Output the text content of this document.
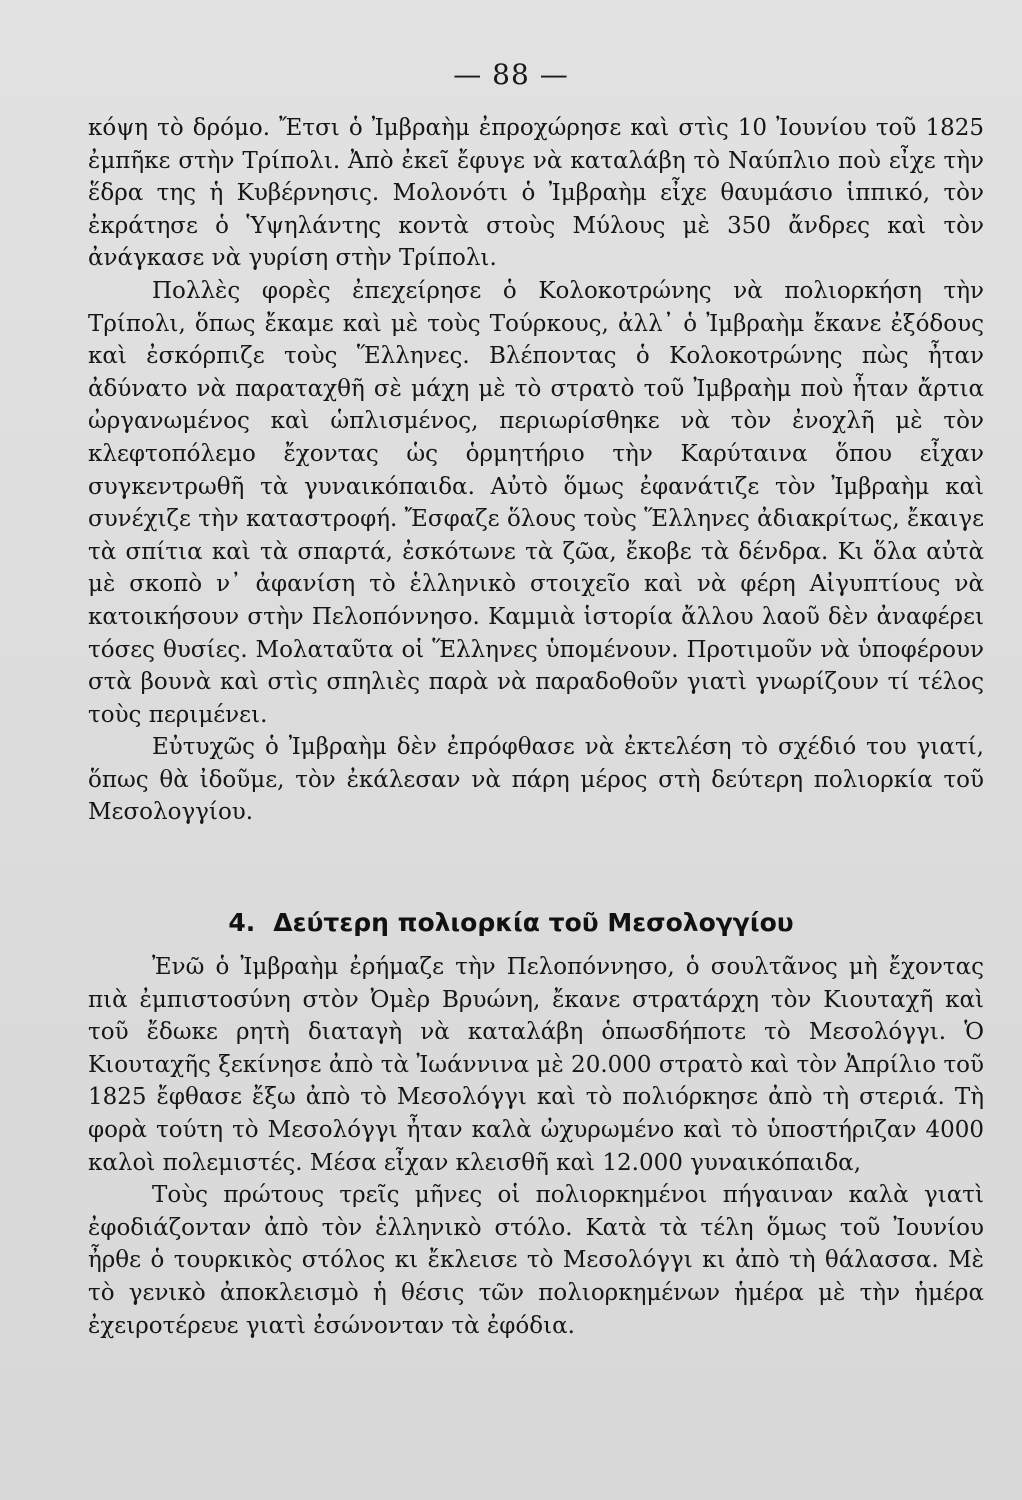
— 88 —

κόψη τὸ δρόμο. Ἔτσι ὁ Ἰμβραὴμ ἐπροχώρησε καὶ στὶς 10 Ἰουνίου τοῦ 1825 ἐμπῆκε στὴν Τρίπολι. Ἀπὸ ἐκεῖ ἔφυγε νὰ καταλάβη τὸ Ναύπλιο ποὺ εἶχε τὴν ἕδρα της ἡ Κυβέρνησις. Μολονότι ὁ Ἰμβραὴμ εἶχε θαυμάσιο ἱππικό, τὸν ἐκράτησε ὁ Ὑψηλάντης κοντὰ στοὺς Μύλους μὲ 350 ἄνδρες καὶ τὸν ἀνάγκασε νὰ γυρίση στὴν Τρίπολι.

Πολλὲς φορὲς ἐπεχείρησε ὁ Κολοκοτρώνης νὰ πολιορκήση τὴν Τρίπολι, ὅπως ἔκαμε καὶ μὲ τοὺς Τούρκους, ἀλλ᾽ ὁ Ἰμβραὴμ ἔκανε ἐξόδους καὶ ἐσκόρπιζε τοὺς Ἕλληνες. Βλέποντας ὁ Κολοκοτρώνης πὼς ἦταν ἀδύνατο νὰ παραταχθῆ σὲ μάχη μὲ τὸ στρατὸ τοῦ Ἰμβραὴμ ποὺ ἦταν ἄρτια ὠργανωμένος καὶ ὡπλισμένος, περιωρίσθηκε νὰ τὸν ἐνοχλῆ μὲ τὸν κλεφτοπόλεμο ἔχοντας ὡς ὁρμητήριο τὴν Καρύταινα ὅπου εἶχαν συγκεντρωθῆ τὰ γυναικόπαιδα. Αὐτὸ ὅμως ἐφανάτιζε τὸν Ἰμβραὴμ καὶ συνέχιζε τὴν καταστροφή. Ἔσφαζε ὅλους τοὺς Ἕλληνες ἀδιακρίτως, ἔκαιγε τὰ σπίτια καὶ τὰ σπαρτά, ἐσκότωνε τὰ ζῶα, ἔκοβε τὰ δένδρα. Κι ὅλα αὐτὰ μὲ σκοπὸ ν᾽ ἀφανίση τὸ ἑλληνικὸ στοιχεῖο καὶ νὰ φέρη Αἰγυπτίους νὰ κατοικήσουν στὴν Πελοπόννησο. Καμμιὰ ἱστορία ἄλλου λαοῦ δὲν ἀναφέρει τόσες θυσίες. Μολαταῦτα οἱ Ἕλληνες ὑπομένουν. Προτιμοῦν νὰ ὑποφέρουν στὰ βουνὰ καὶ στὶς σπηλιὲς παρὰ νὰ παραδοθοῦν γιατὶ γνωρίζουν τί τέλος τοὺς περιμένει.

Εὐτυχῶς ὁ Ἰμβραὴμ δὲν ἐπρόφθασε νὰ ἐκτελέση τὸ σχέδιό του γιατί, ὅπως θὰ ἰδοῦμε, τὸν ἐκάλεσαν νὰ πάρη μέρος στὴ δεύτερη πολιορκία τοῦ Μεσολογγίου.

4. Δεύτερη πολιορκία τοῦ Μεσολογγίου

Ἐνῶ ὁ Ἰμβραὴμ ἐρήμαζε τὴν Πελοπόννησο, ὁ σουλτᾶνος μὴ ἔχοντας πιὰ ἐμπιστοσύνη στὸν Ὀμὲρ Βρυώνη, ἔκανε στρατάρχη τὸν Κιουταχῆ καὶ τοῦ ἔδωκε ρητὴ διαταγὴ νὰ καταλάβη ὁπωσδήποτε τὸ Μεσολόγγι. Ὁ Κιουταχῆς ξεκίνησε ἀπὸ τὰ Ἰωάννινα μὲ 20.000 στρατὸ καὶ τὸν Ἀπρίλιο τοῦ 1825 ἔφθασε ἔξω ἀπὸ τὸ Μεσολόγγι καὶ τὸ πολιόρκησε ἀπὸ τὴ στεριά. Τὴ φορὰ τούτη τὸ Μεσολόγγι ἦταν καλὰ ὠχυρωμένο καὶ τὸ ὑποστήριζαν 4000 καλοὶ πολεμιστές. Μέσα εἶχαν κλεισθῆ καὶ 12.000 γυναικόπαιδα,

Τοὺς πρώτους τρεῖς μῆνες οἱ πολιορκημένοι πήγαιναν καλὰ γιατὶ ἐφοδιάζονταν ἀπὸ τὸν ἑλληνικὸ στόλο. Κατὰ τὰ τέλη ὅμως τοῦ Ἰουνίου ἦρθε ὁ τουρκικὸς στόλος κι ἔκλεισε τὸ Μεσολόγγι κι ἀπὸ τὴ θάλασσα. Μὲ τὸ γενικὸ ἀποκλεισμὸ ἡ θέσις τῶν πολιορκημένων ἡμέρα μὲ τὴν ἡμέρα ἐχειροτέρευε γιατὶ ἐσώνονταν τὰ ἐφόδια.
